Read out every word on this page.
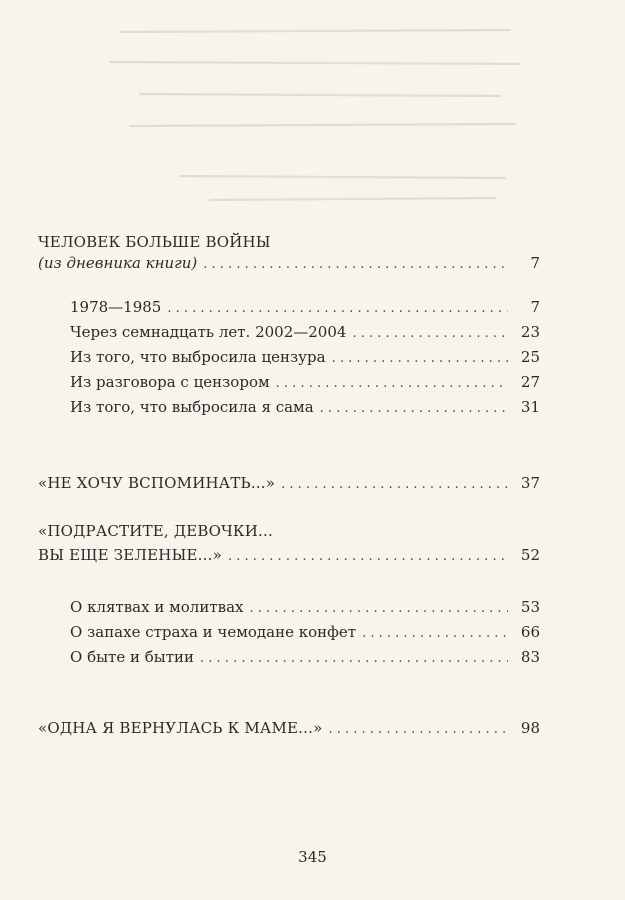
ЧЕЛОВЕК БОЛЬШЕ ВОЙНЫ
(из дневника книги) . . .	7
1978—1985 . . .	7
Через семнадцать лет. 2002—2004 . . .	23
Из того, что выбросила цензура . . .	25
Из разговора с цензором . . .	27
Из того, что выбросила я сама . . .	31
«НЕ ХОЧУ ВСПОМИНАТЬ...» . . .	37
«ПОДРАСТИТЕ, ДЕВОЧКИ...
ВЫ ЕЩЕ ЗЕЛЕНЫЕ...» . . .	52
О клятвах и молитвах . . .	53
О запахе страха и чемодане конфет . . .	66
О быте и бытии . . .	83
«ОДНА Я ВЕРНУЛАСЬ К МАМЕ...» . . .	98
345
